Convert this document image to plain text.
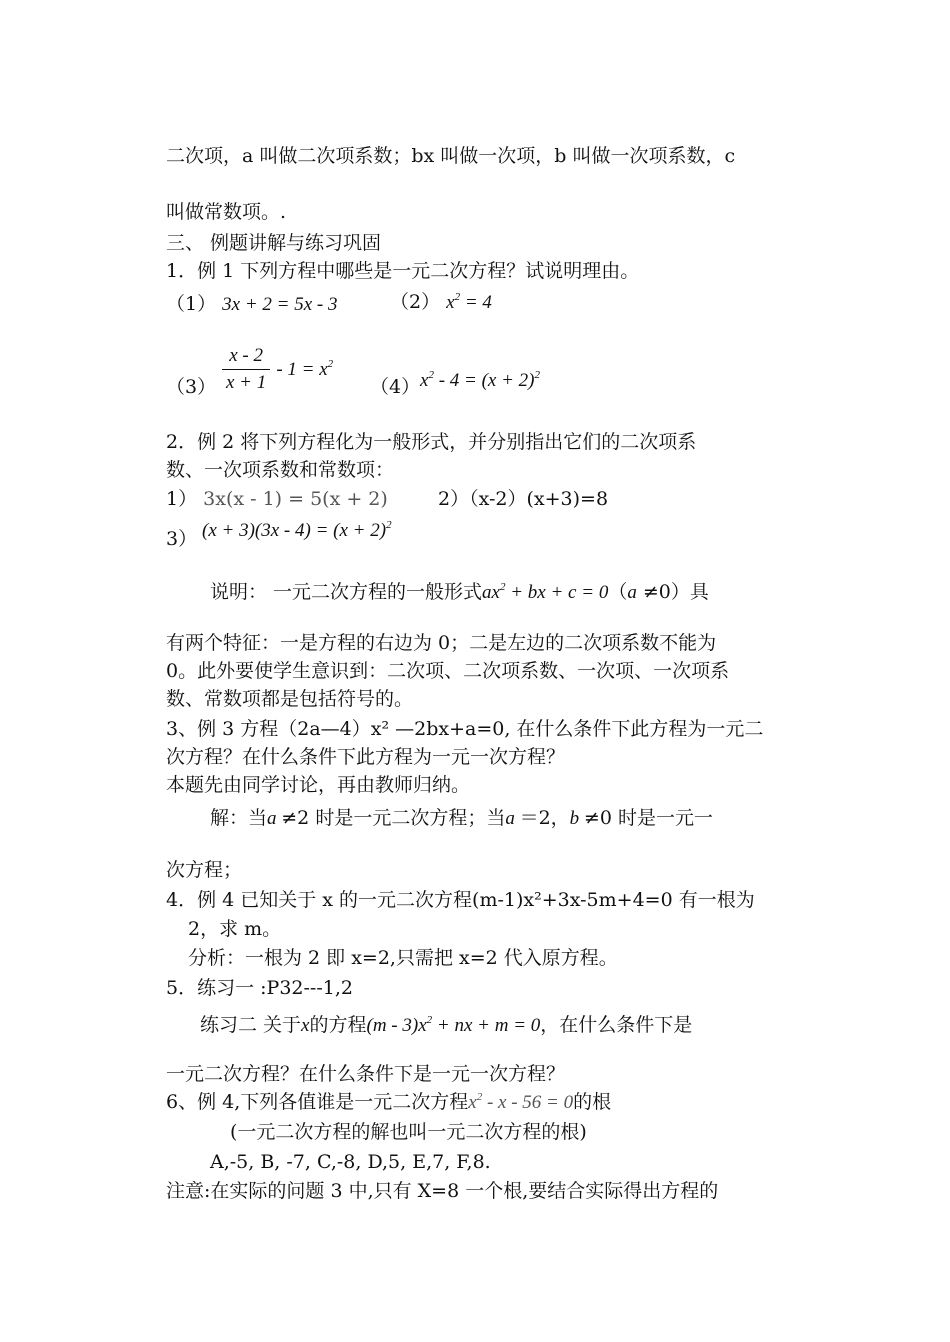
二次项，a 叫做二次项系数；bx 叫做一次项，b 叫做一次项系数，c
叫做常数项。.
三、 例题讲解与练习巩固
1．例 1 下列方程中哪些是一元二次方程？试说明理由。
（1） 3x + 2 = 5x - 3	（2） $x^2 = 4$
$(3) \frac{x - 2}{x + 1} - 1 = x^2$
（4） $x^2 - 4 = (x + 2)^2$
2．例 2 将下列方程化为一般形式，并分别指出它们的二次项系
数、一次项系数和常数项：
1） 3x(x - 1) = 5(x + 2)	2）（x-2）(x+3)=8
3） $(x + 3)(3x - 4) = (x + 2)^2$
说明： 一元二次方程的一般形式$ax^2$ + bx + c = 0（a ≠0）具
有两个特征：一是方程的右边为 0；二是左边的二次项系数不能为
0。此外要使学生意识到：二次项、二次项系数、一次项、一次项系
数、常数项都是包括符号的。
3、例 3 方程（2a—4）x² —2bx+a=0, 在什么条件下此方程为一元二
次方程？在什么条件下此方程为一元一次方程？
本题先由同学讨论，再由教师归纳。
解：当a ≠2 时是一元二次方程；当a ＝2，b ≠0 时是一元一
次方程；
4．例 4 已知关于 x 的一元二次方程(m-1)x²+3x-5m+4=0 有一根为
2，求 m。
分析：一根为 2 即 x=2,只需把 x=2 代入原方程。
5．练习一 :P32---1,2
练习二 关于x的方程$(m - 3)x^2$ + nx + m = 0，在什么条件下是
一元二次方程？在什么条件下是一元一次方程？
6、例 4,下列各值谁是一元二次方程$x^2 - x - 56 = 0$的根
(一元二次方程的解也叫一元二次方程的根)
A,-5, B, -7, C,-8, D,5, E,7, F,8.
注意:在实际的问题 3 中,只有 X=8 一个根,要结合实际得出方程的
